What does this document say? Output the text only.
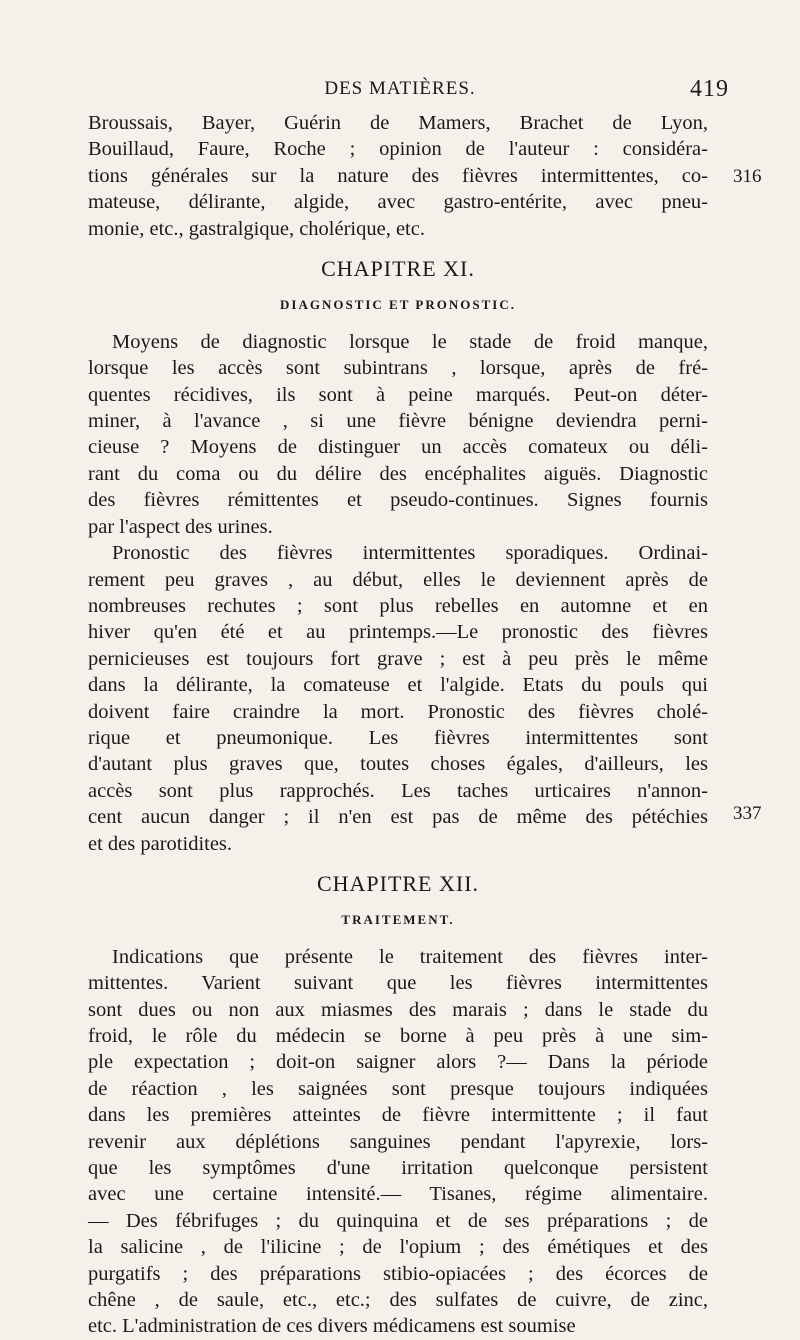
DES MATIÈRES.	419
316
337
Broussais, Bayer, Guérin de Mamers, Brachet de Lyon,
Bouillaud, Faure, Roche ; opinion de l'auteur : considéra-
tions générales sur la nature des fièvres intermittentes, co-
mateuse, délirante, algide, avec gastro-entérite, avec pneu-
monie, etc., gastralgique, cholérique, etc.
CHAPITRE XI.
DIAGNOSTIC ET PRONOSTIC.
Moyens de diagnostic lorsque le stade de froid manque,
lorsque les accès sont subintrans , lorsque, après de fré-
quentes récidives, ils sont à peine marqués. Peut-on déter-
miner, à l'avance , si une fièvre bénigne deviendra perni-
cieuse ? Moyens de distinguer un accès comateux ou déli-
rant du coma ou du délire des encéphalites aiguës. Diagnostic
des fièvres rémittentes et pseudo-continues. Signes fournis
par l'aspect des urines.
Pronostic des fièvres intermittentes sporadiques. Ordinai-
rement peu graves , au début, elles le deviennent après de
nombreuses rechutes ; sont plus rebelles en automne et en
hiver qu'en été et au printemps.—Le pronostic des fièvres
pernicieuses est toujours fort grave ; est à peu près le même
dans la délirante, la comateuse et l'algide. Etats du pouls qui
doivent faire craindre la mort. Pronostic des fièvres cholé-
rique et pneumonique. Les fièvres intermittentes sont
d'autant plus graves que, toutes choses égales, d'ailleurs, les
accès sont plus rapprochés. Les taches urticaires n'annon-
cent aucun danger ; il n'en est pas de même des pétéchies
et des parotidites.
CHAPITRE XII.
TRAITEMENT.
Indications que présente le traitement des fièvres inter-
mittentes. Varient suivant que les fièvres intermittentes
sont dues ou non aux miasmes des marais ; dans le stade du
froid, le rôle du médecin se borne à peu près à une sim-
ple expectation ; doit-on saigner alors ?— Dans la période
de réaction , les saignées sont presque toujours indiquées
dans les premières atteintes de fièvre intermittente ; il faut
revenir aux déplétions sanguines pendant l'apyrexie, lors-
que les symptômes d'une irritation quelconque persistent
avec une certaine intensité.— Tisanes, régime alimentaire.
— Des fébrifuges ; du quinquina et de ses préparations ; de
la salicine , de l'ilicine ; de l'opium ; des émétiques et des
purgatifs ; des préparations stibio-opiacées ; des écorces de
chêne , de saule, etc., etc.; des sulfates de cuivre, de zinc,
etc. L'administration de ces divers médicamens est soumise
